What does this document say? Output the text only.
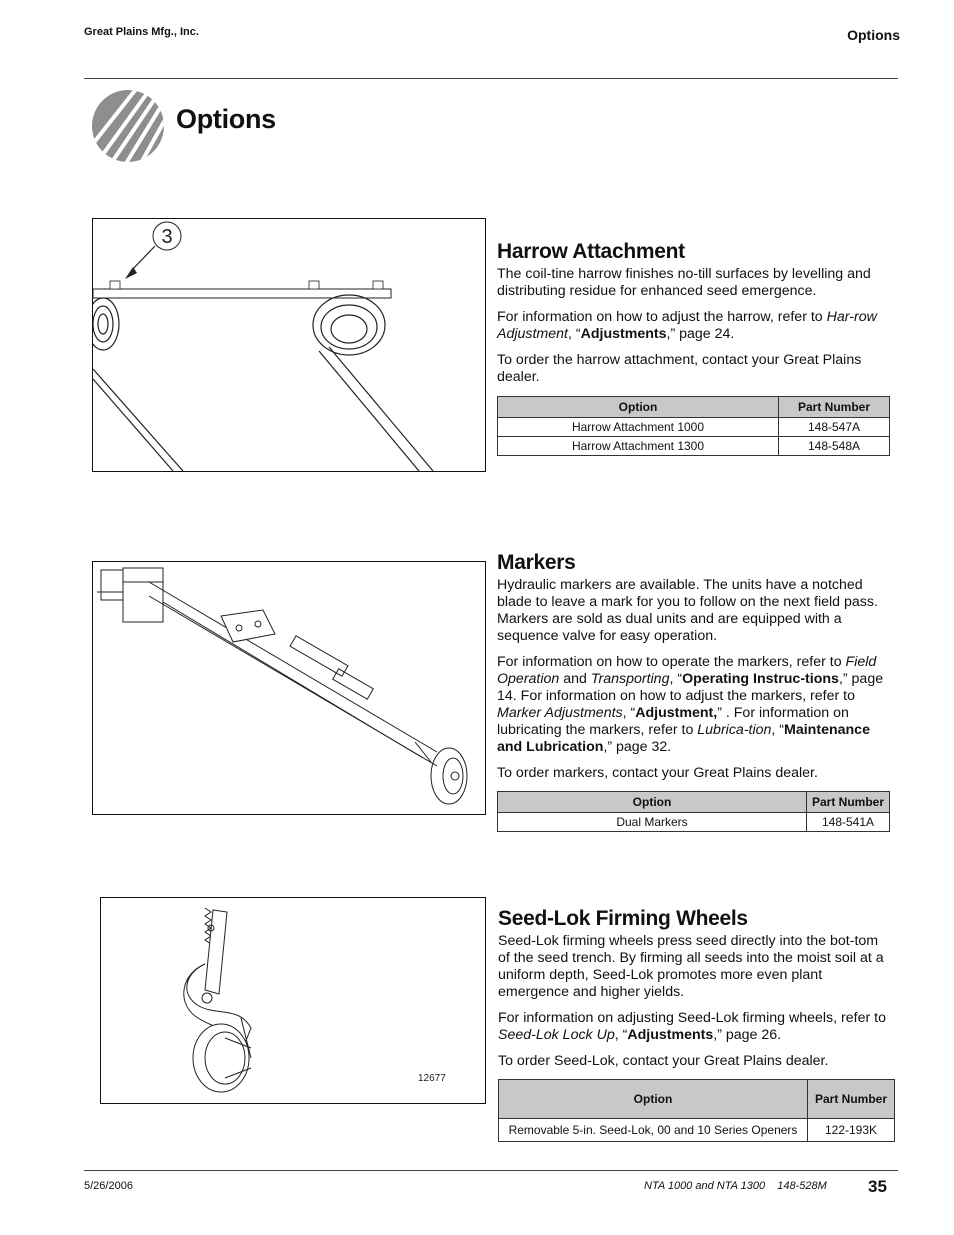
Great Plains Mfg., Inc.	Options
Options
3
Harrow Attachment

The coil-tine harrow finishes no-till surfaces by levelling and distributing residue for enhanced seed emergence.

For information on how to adjust the harrow, refer to Har-row Adjustment, “Adjustments,” page 24.

To order the harrow attachment, contact your Great Plains dealer.

Option	Part Number
Harrow Attachment 1000	148-547A
Harrow Attachment 1300	148-548A
Markers

Hydraulic markers are available. The units have a notched blade to leave a mark for you to follow on the next field pass. Markers are sold as dual units and are equipped with a sequence valve for easy operation.

For information on how to operate the markers, refer to Field Operation and Transporting, “Operating Instruc-tions,” page 14. For information on how to adjust the markers, refer to Marker Adjustments, “Adjustment,” . For information on lubricating the markers, refer to Lubrica-tion, “Maintenance and Lubrication,” page 32.

To order markers, contact your Great Plains dealer.

Option	Part Number
Dual Markers	148-541A
12677
Seed-Lok Firming Wheels

Seed-Lok firming wheels press seed directly into the bot-tom of the seed trench. By firming all seeds into the moist soil at a uniform depth, Seed-Lok promotes more even plant emergence and higher yields.

For information on adjusting Seed-Lok firming wheels, refer to Seed-Lok Lock Up, “Adjustments,” page 26.

To order Seed-Lok, contact your Great Plains dealer.

Option	Part Number
Removable 5-in. Seed-Lok, 00 and 10 Series Openers	122-193K
5/26/2006	NTA 1000 and NTA 1300    148-528M 35
